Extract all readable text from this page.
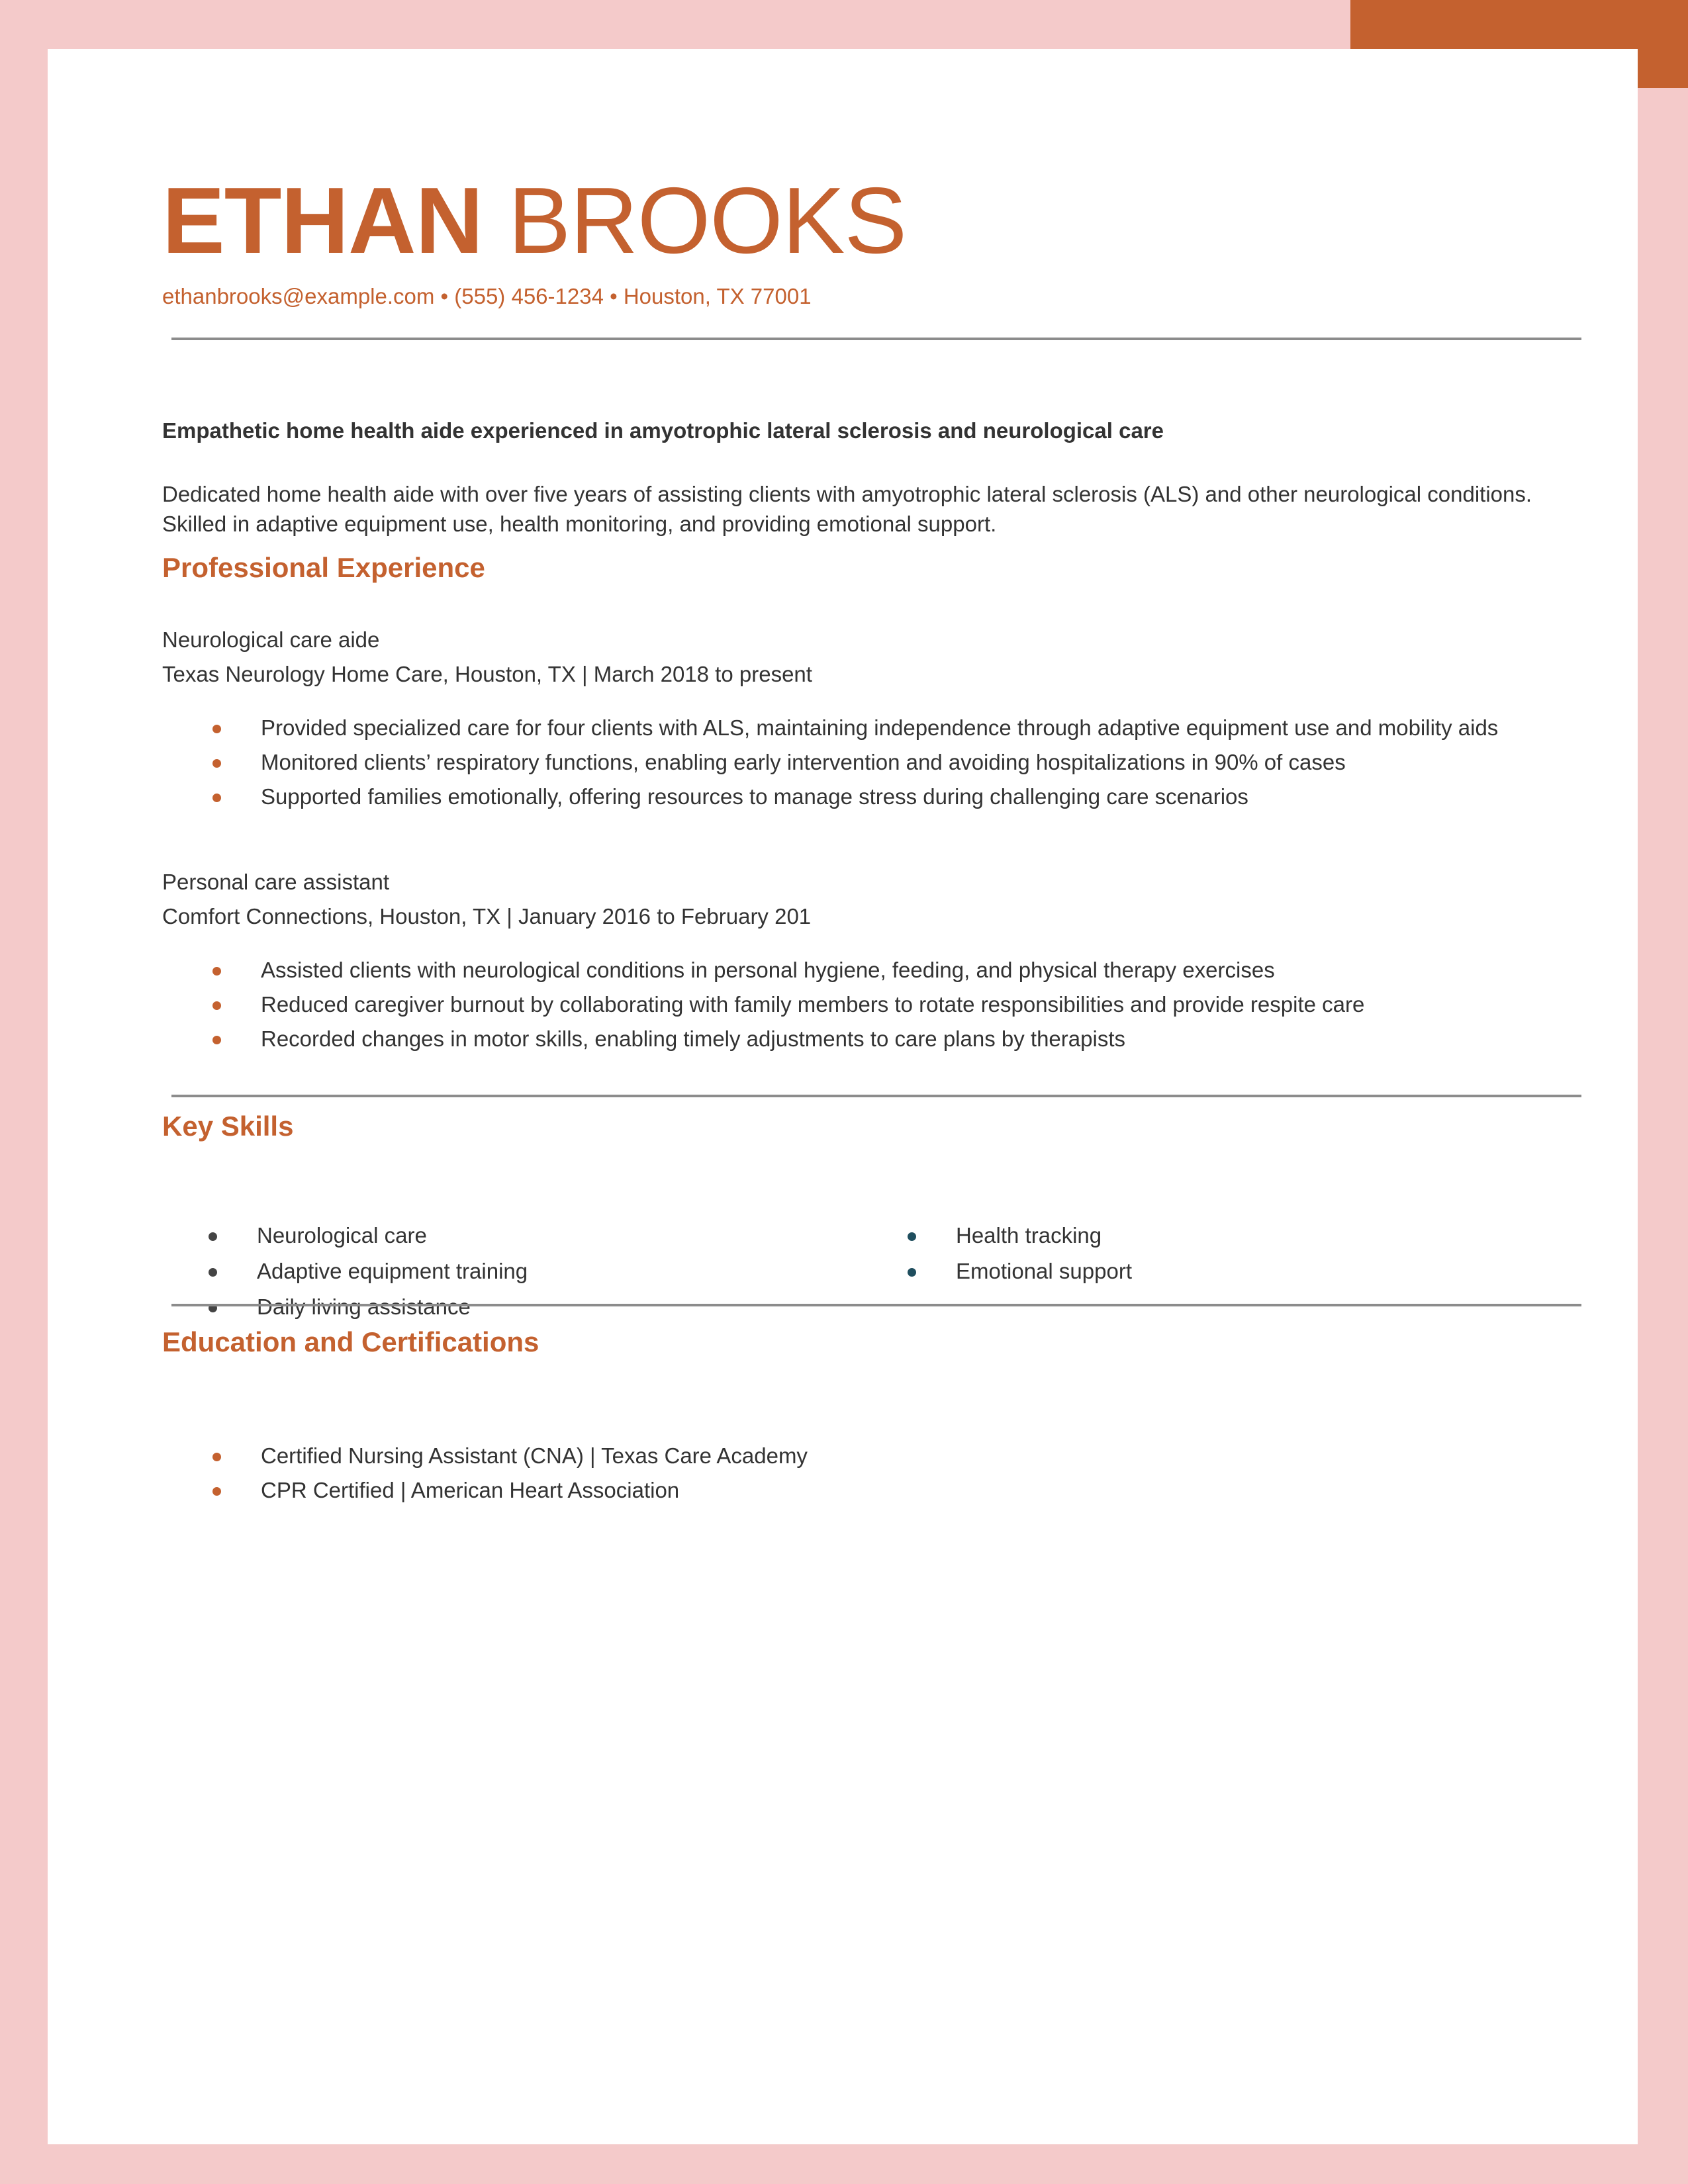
ETHAN BROOKS

ethanbrooks@example.com • (555) 456-1234 • Houston, TX 77001

Empathetic home health aide experienced in amyotrophic lateral sclerosis and neurological care

Dedicated home health aide with over five years of assisting clients with amyotrophic lateral sclerosis (ALS) and other neurological conditions. Skilled in adaptive equipment use, health monitoring, and providing emotional support.

Professional Experience

Neurological care aide

Texas Neurology Home Care, Houston, TX | March 2018 to present

Provided specialized care for four clients with ALS, maintaining independence through adaptive equipment use and mobility aids
Monitored clients’ respiratory functions, enabling early intervention and avoiding hospitalizations in 90% of cases
Supported families emotionally, offering resources to manage stress during challenging care scenarios

Personal care assistant

Comfort Connections, Houston, TX | January 2016 to February 201

Assisted clients with neurological conditions in personal hygiene, feeding, and physical therapy exercises
Reduced caregiver burnout by collaborating with family members to rotate responsibilities and provide respite care
Recorded changes in motor skills, enabling timely adjustments to care plans by therapists
Key Skills
Neurological care
Adaptive equipment training
Daily living assistance
Health tracking
Emotional support
Education and Certifications
Certified Nursing Assistant (CNA) | Texas Care Academy
CPR Certified | American Heart Association
